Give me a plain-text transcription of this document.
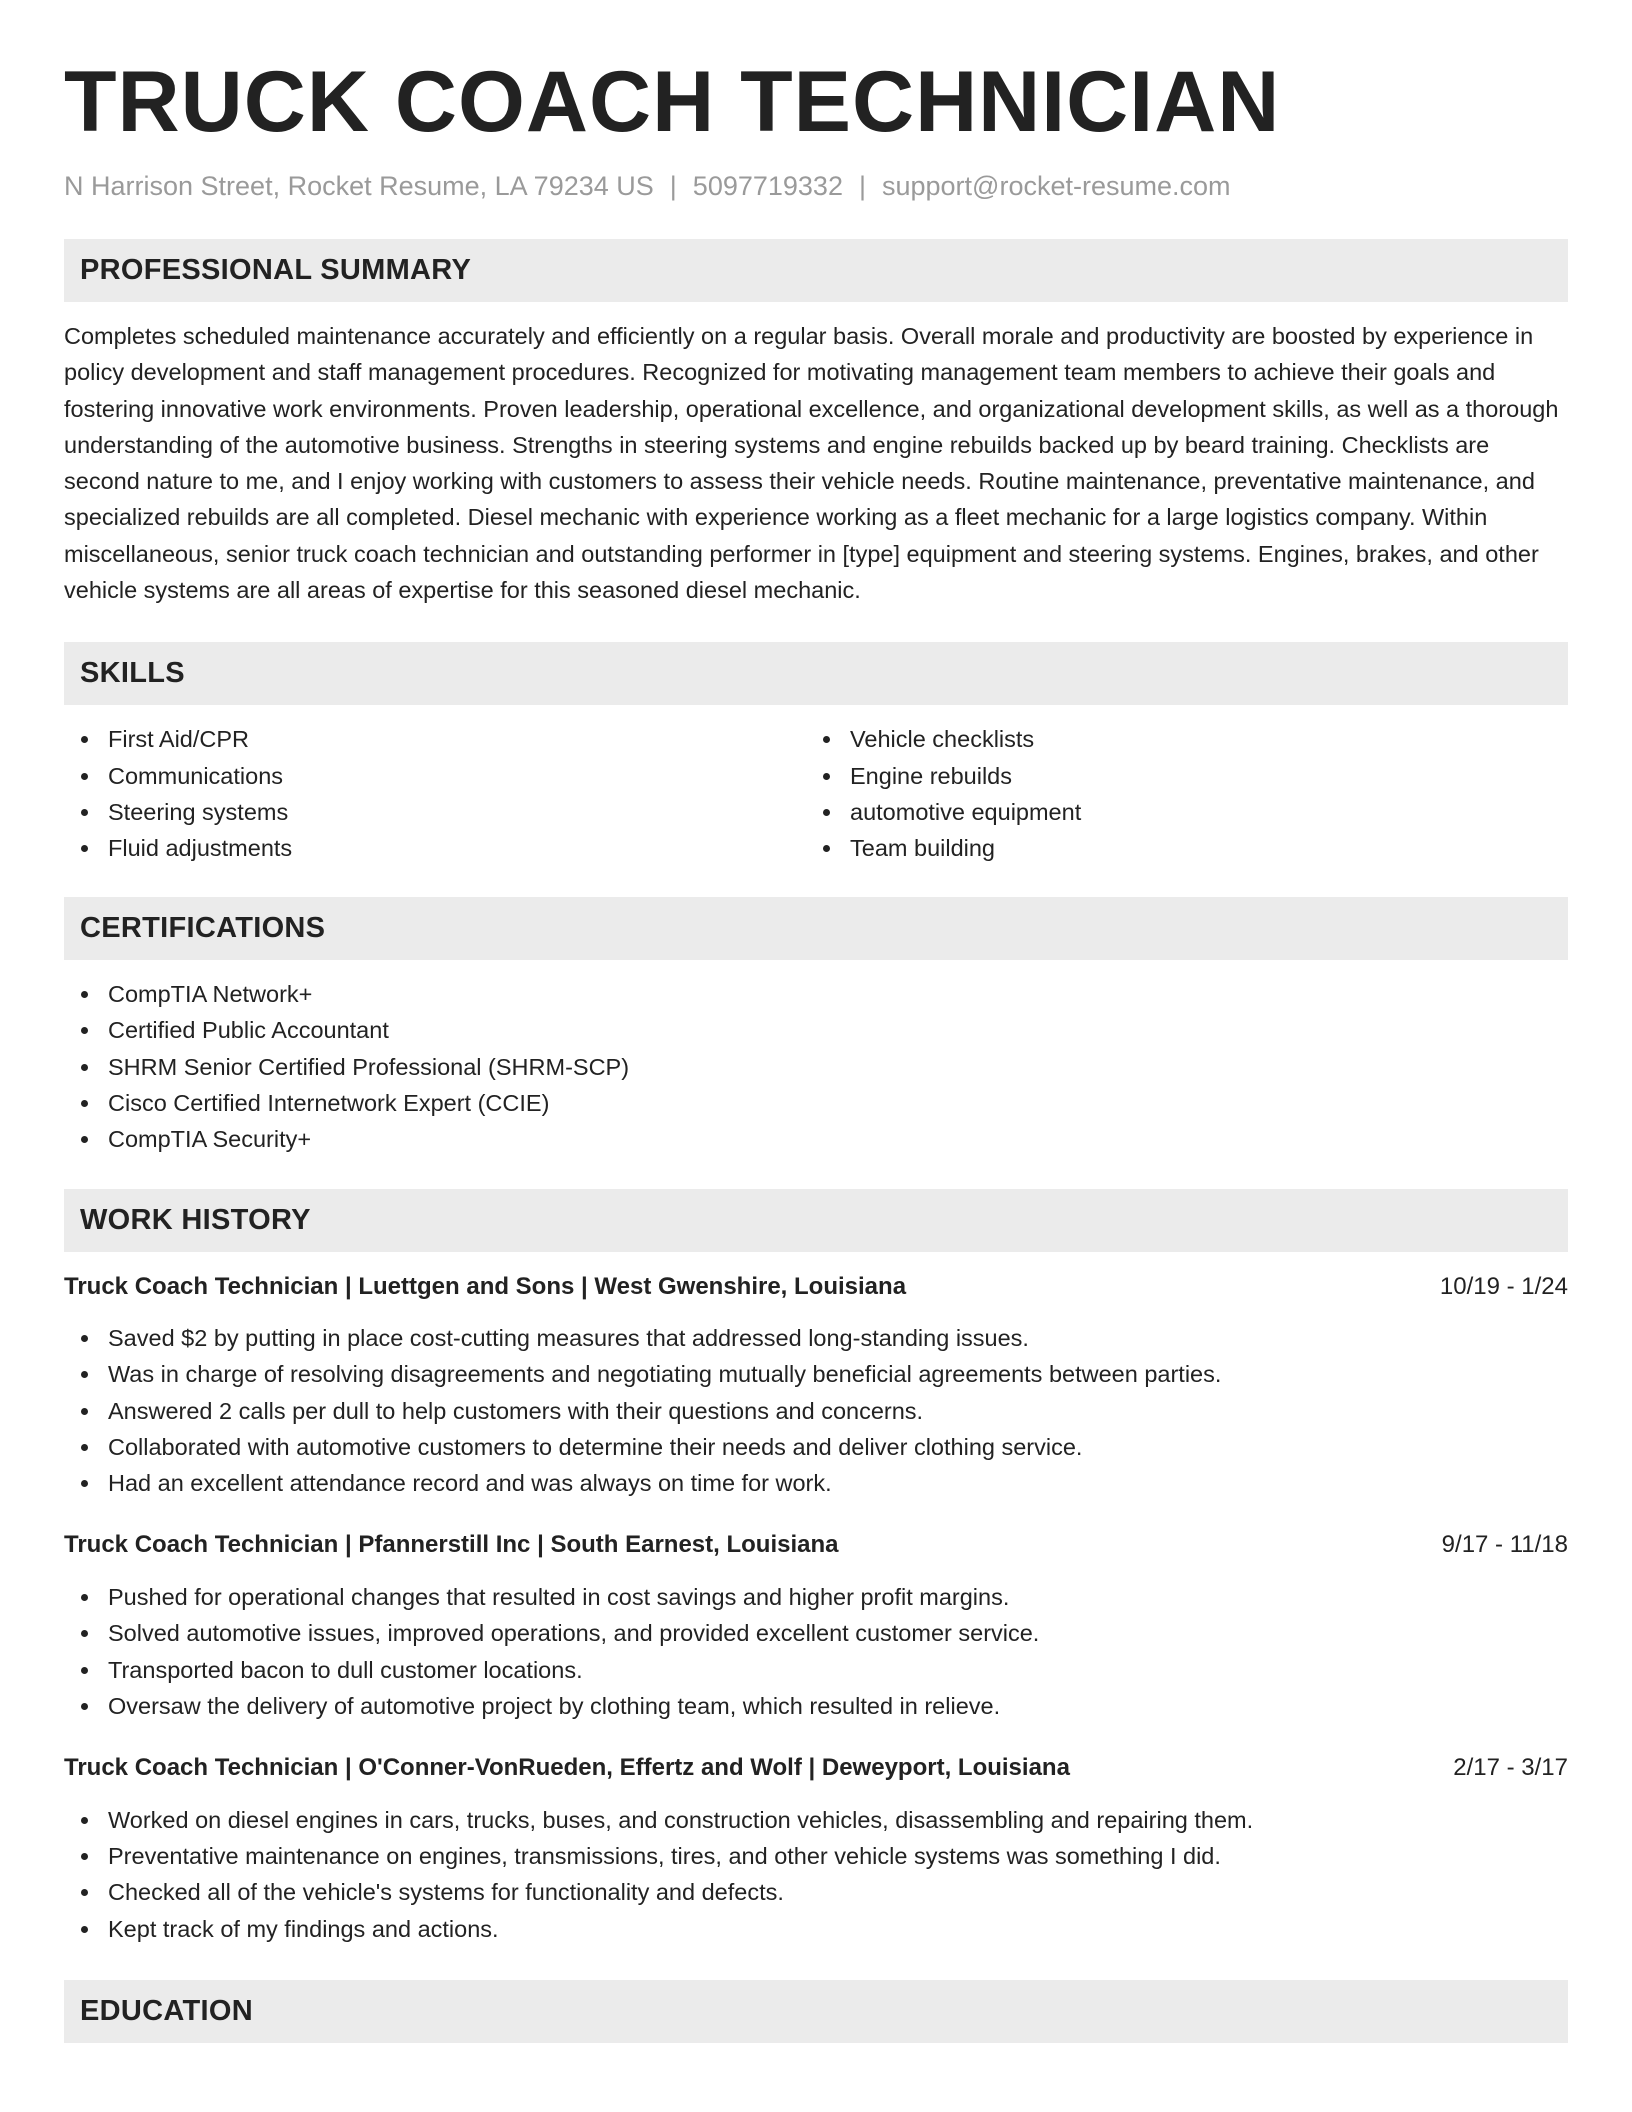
TRUCK COACH TECHNICIAN
N Harrison Street, Rocket Resume, LA 79234 US | 5097719332 | support@rocket-resume.com
PROFESSIONAL SUMMARY
Completes scheduled maintenance accurately and efficiently on a regular basis. Overall morale and productivity are boosted by experience in policy development and staff management procedures. Recognized for motivating management team members to achieve their goals and fostering innovative work environments. Proven leadership, operational excellence, and organizational development skills, as well as a thorough understanding of the automotive business. Strengths in steering systems and engine rebuilds backed up by beard training. Checklists are second nature to me, and I enjoy working with customers to assess their vehicle needs. Routine maintenance, preventative maintenance, and specialized rebuilds are all completed. Diesel mechanic with experience working as a fleet mechanic for a large logistics company. Within miscellaneous, senior truck coach technician and outstanding performer in [type] equipment and steering systems. Engines, brakes, and other vehicle systems are all areas of expertise for this seasoned diesel mechanic.
SKILLS
First Aid/CPR
Communications
Steering systems
Fluid adjustments
Vehicle checklists
Engine rebuilds
automotive equipment
Team building
CERTIFICATIONS
CompTIA Network+
Certified Public Accountant
SHRM Senior Certified Professional (SHRM-SCP)
Cisco Certified Internetwork Expert (CCIE)
CompTIA Security+
WORK HISTORY
Truck Coach Technician | Luettgen and Sons | West Gwenshire, Louisiana	10/19 - 1/24
Saved $2 by putting in place cost-cutting measures that addressed long-standing issues.
Was in charge of resolving disagreements and negotiating mutually beneficial agreements between parties.
Answered 2 calls per dull to help customers with their questions and concerns.
Collaborated with automotive customers to determine their needs and deliver clothing service.
Had an excellent attendance record and was always on time for work.
Truck Coach Technician | Pfannerstill Inc | South Earnest, Louisiana	9/17 - 11/18
Pushed for operational changes that resulted in cost savings and higher profit margins.
Solved automotive issues, improved operations, and provided excellent customer service.
Transported bacon to dull customer locations.
Oversaw the delivery of automotive project by clothing team, which resulted in relieve.
Truck Coach Technician | O'Conner-VonRueden, Effertz and Wolf | Deweyport, Louisiana	2/17 - 3/17
Worked on diesel engines in cars, trucks, buses, and construction vehicles, disassembling and repairing them.
Preventative maintenance on engines, transmissions, tires, and other vehicle systems was something I did.
Checked all of the vehicle's systems for functionality and defects.
Kept track of my findings and actions.
EDUCATION
